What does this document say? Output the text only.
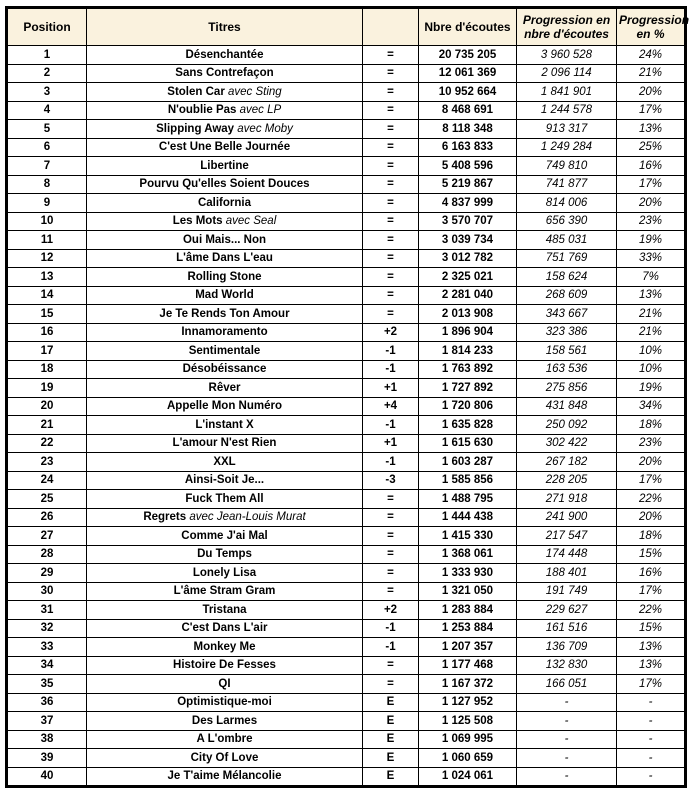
Position	Titres		Nbre d'écoutes	Progression en nbre d'écoutes	Progression en %
1	Désenchantée	=	20 735 205	3 960 528	24%
2	Sans Contrefaçon	=	12 061 369	2 096 114	21%
3	Stolen Car avec Sting	=	10 952 664	1 841 901	20%
4	N'oublie Pas avec LP	=	8 468 691	1 244 578	17%
5	Slipping Away avec Moby	=	8 118 348	913 317	13%
6	C'est Une Belle Journée	=	6 163 833	1 249 284	25%
7	Libertine	=	5 408 596	749 810	16%
8	Pourvu Qu'elles Soient Douces	=	5 219 867	741 877	17%
9	California	=	4 837 999	814 006	20%
10	Les Mots avec Seal	=	3 570 707	656 390	23%
11	Oui Mais... Non	=	3 039 734	485 031	19%
12	L'âme Dans L'eau	=	3 012 782	751 769	33%
13	Rolling Stone	=	2 325 021	158 624	7%
14	Mad World	=	2 281 040	268 609	13%
15	Je Te Rends Ton Amour	=	2 013 908	343 667	21%
16	Innamoramento	+2	1 896 904	323 386	21%
17	Sentimentale	-1	1 814 233	158 561	10%
18	Désobéissance	-1	1 763 892	163 536	10%
19	Rêver	+1	1 727 892	275 856	19%
20	Appelle Mon Numéro	+4	1 720 806	431 848	34%
21	L'instant X	-1	1 635 828	250 092	18%
22	L'amour N'est Rien	+1	1 615 630	302 422	23%
23	XXL	-1	1 603 287	267 182	20%
24	Ainsi-Soit Je...	-3	1 585 856	228 205	17%
25	Fuck Them All	=	1 488 795	271 918	22%
26	Regrets avec Jean-Louis Murat	=	1 444 438	241 900	20%
27	Comme J'ai Mal	=	1 415 330	217 547	18%
28	Du Temps	=	1 368 061	174 448	15%
29	Lonely Lisa	=	1 333 930	188 401	16%
30	L'âme Stram Gram	=	1 321 050	191 749	17%
31	Tristana	+2	1 283 884	229 627	22%
32	C'est Dans L'air	-1	1 253 884	161 516	15%
33	Monkey Me	-1	1 207 357	136 709	13%
34	Histoire De Fesses	=	1 177 468	132 830	13%
35	QI	=	1 167 372	166 051	17%
36	Optimistique-moi	E	1 127 952	-	-
37	Des Larmes	E	1 125 508	-	-
38	A L'ombre	E	1 069 995	-	-
39	City Of Love	E	1 060 659	-	-
40	Je T'aime Mélancolie	E	1 024 061	-	-
